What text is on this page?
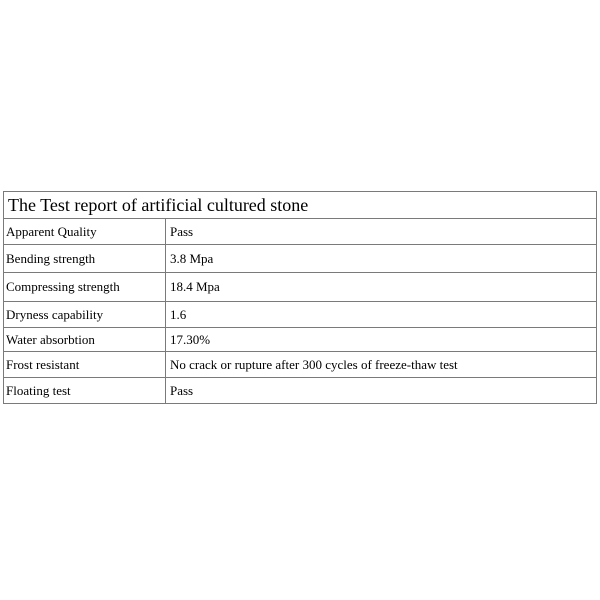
The Test report of artificial cultured stone
Apparent Quality	Pass
Bending strength	3.8 Mpa
Compressing strength	18.4 Mpa
Dryness capability	1.6
Water absorbtion	17.30%
Frost resistant	No crack or rupture after 300 cycles of freeze-thaw test
Floating test	Pass
